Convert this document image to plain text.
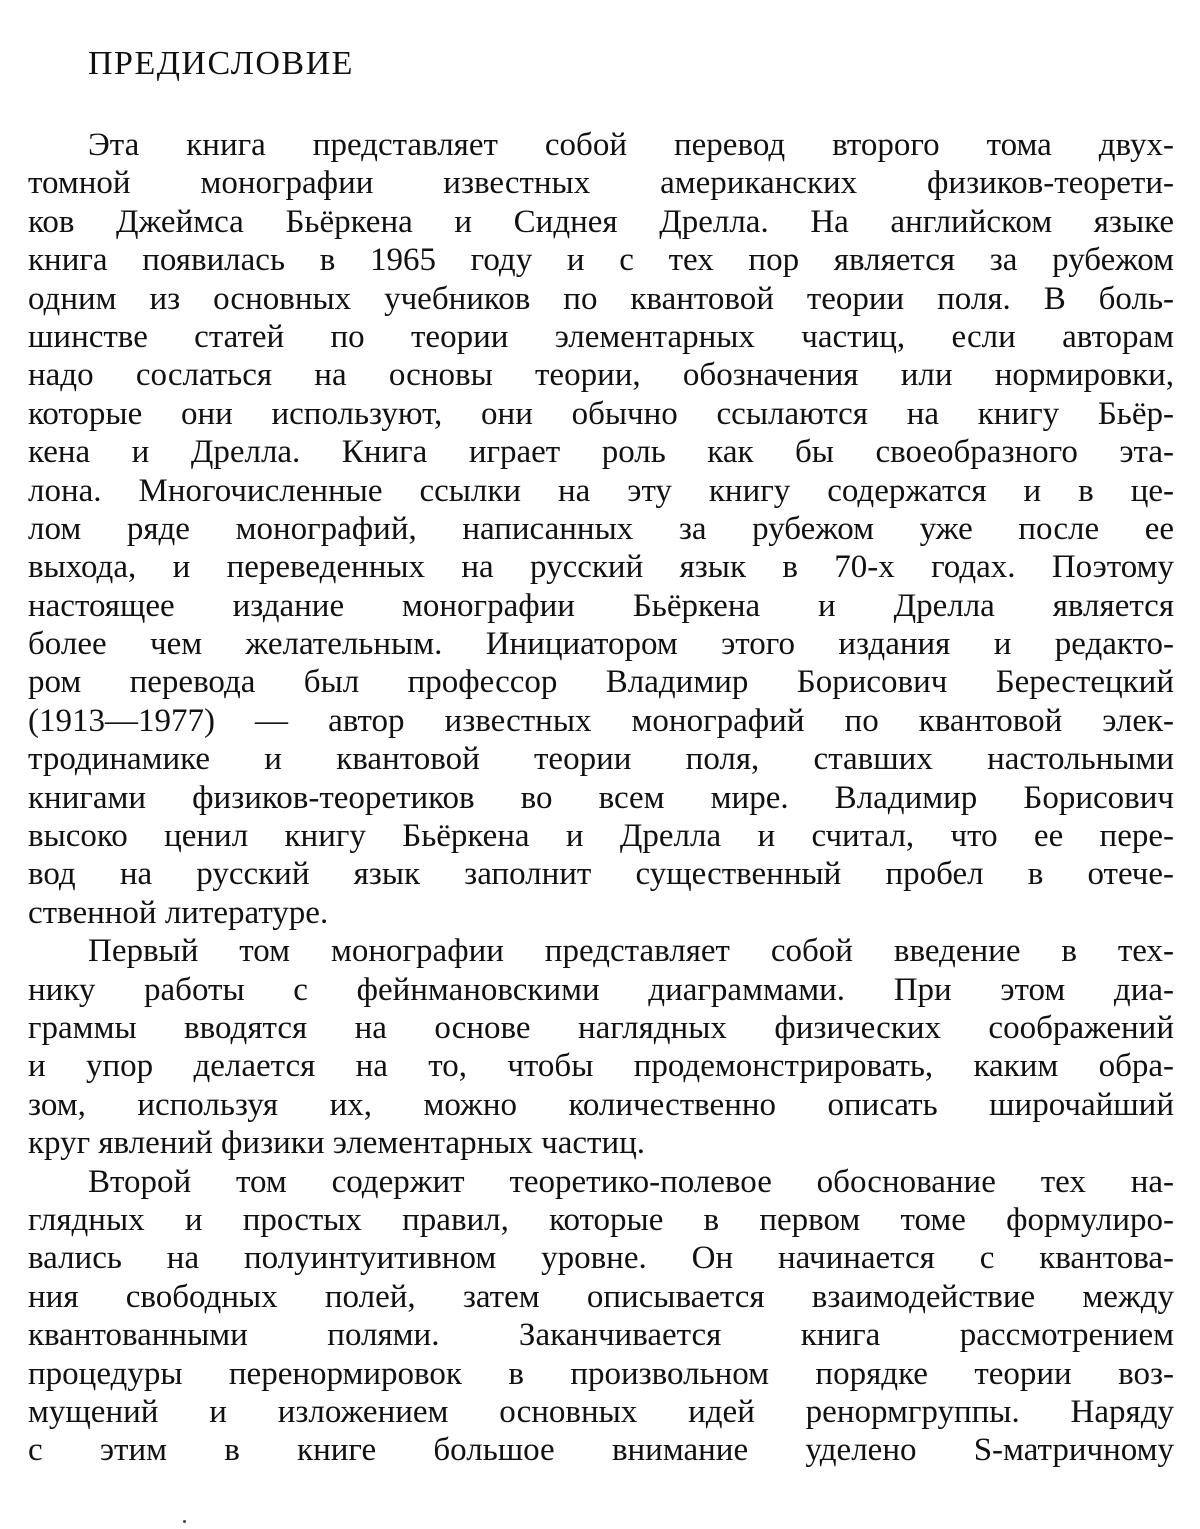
ПРЕДИСЛОВИЕ

Эта книга представляет собой перевод второго тома двух-
томной монографии известных американских физиков-теорети-
ков Джеймса Бьёркена и Сиднея Дрелла. На английском языке
книга появилась в 1965 году и с тех пор является за рубежом
одним из основных учебников по квантовой теории поля. В боль-
шинстве статей по теории элементарных частиц, если авторам
надо сослаться на основы теории, обозначения или нормировки,
которые они используют, они обычно ссылаются на книгу Бьёр-
кена и Дрелла. Книга играет роль как бы своеобразного эта-
лона. Многочисленные ссылки на эту книгу содержатся и в це-
лом ряде монографий, написанных за рубежом уже после ее
выхода, и переведенных на русский язык в 70-х годах. Поэтому
настоящее издание монографии Бьёркена и Дрелла является
более чем желательным. Инициатором этого издания и редакто-
ром перевода был профессор Владимир Борисович Берестецкий
(1913—1977) — автор известных монографий по квантовой элек-
тродинамике и квантовой теории поля, ставших настольными
книгами физиков-теоретиков во всем мире. Владимир Борисович
высоко ценил книгу Бьёркена и Дрелла и считал, что ее пере-
вод на русский язык заполнит существенный пробел в отече-
ственной литературе.

Первый том монографии представляет собой введение в тех-
нику работы с фейнмановскими диаграммами. При этом диа-
граммы вводятся на основе наглядных физических соображений
и упор делается на то, чтобы продемонстрировать, каким обра-
зом, используя их, можно количественно описать широчайший
круг явлений физики элементарных частиц.

Второй том содержит теоретико-полевое обоснование тех на-
глядных и простых правил, которые в первом томе формулиро-
вались на полуинтуитивном уровне. Он начинается с квантова-
ния свободных полей, затем описывается взаимодействие между
квантованными полями. Заканчивается книга рассмотрением
процедуры перенормировок в произвольном порядке теории воз-
мущений и изложением основных идей ренормгруппы. Наряду
с этим в книге большое внимание уделено S-матричному
